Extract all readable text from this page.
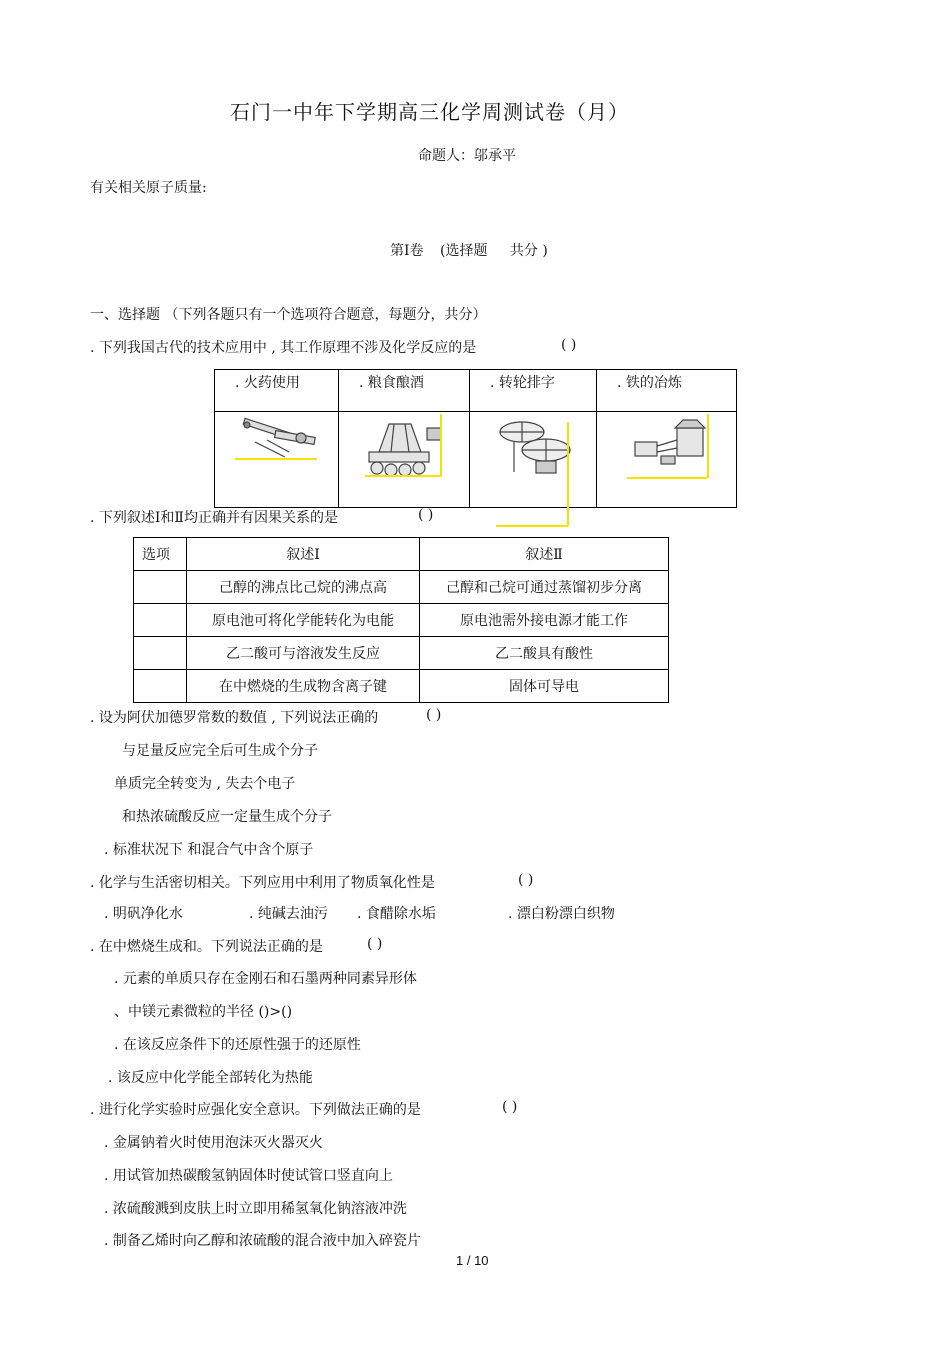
石门一中年下学期高三化学周测试卷（月）
命题人：邬承平
有关相关原子质量:
第Ⅰ卷 (选择题 共分 )
一、选择题 （下列各题只有一个选项符合题意，每题分，共分）
. 下列我国古代的技术应用中 , 其工作原理不涉及化学反应的是	( )
. 火药使用	. 粮食酿酒	. 转轮排字	. 铁的冶炼

. 下列叙述Ⅰ和Ⅱ均正确并有因果关系的是	( )
选项	叙述Ⅰ	叙述Ⅱ
	己醇的沸点比己烷的沸点高	己醇和己烷可通过蒸馏初步分离
	原电池可将化学能转化为电能	原电池需外接电源才能工作
	乙二酸可与溶液发生反应	乙二酸具有酸性
	在中燃烧的生成物含离子键	固体可导电
. 设为阿伏加德罗常数的数值 , 下列说法正确的	( )
与足量反应完全后可生成个分子
单质完全转变为 , 失去个电子
和热浓硫酸反应一定量生成个分子
. 标准状况下 和混合气中含个原子
. 化学与生活密切相关。下列应用中利用了物质氧化性是	( )
. 明矾净化水	. 纯碱去油污 . 食醋除水垢	. 漂白粉漂白织物
. 在中燃烧生成和。下列说法正确的是	( )
. 元素的单质只存在金刚石和石墨两种同素异形体
、中镁元素微粒的半径 ()>()
. 在该反应条件下的还原性强于的还原性
. 该反应中化学能全部转化为热能
. 进行化学实验时应强化安全意识。下列做法正确的是	( )
. 金属钠着火时使用泡沫灭火器灭火
. 用试管加热碳酸氢钠固体时使试管口竖直向上
. 浓硫酸溅到皮肤上时立即用稀氢氧化钠溶液冲洗
. 制备乙烯时向乙醇和浓硫酸的混合液中加入碎瓷片
1 / 10
